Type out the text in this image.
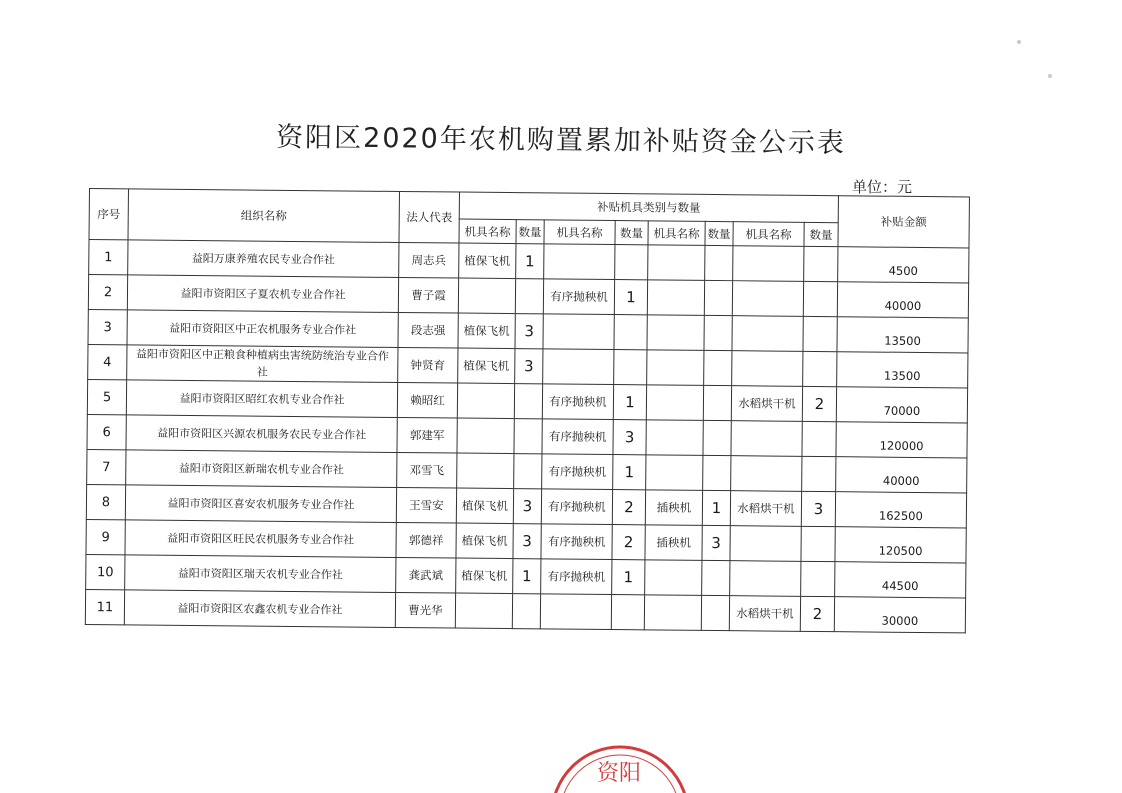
资阳区2020年农机购置累加补贴资金公示表
单位：元
序号	组织名称	法人代表	补贴机具类别与数量								补贴金额
			机具名称	数量	机具名称	数量	机具名称	数量	机具名称	数量	
1	益阳万康养殖农民专业合作社	周志兵	植保飞机	1							4500
2	益阳市资阳区子夏农机专业合作社	曹子霞			有序抛秧机	1					40000
3	益阳市资阳区中正农机服务专业合作社	段志强	植保飞机	3							13500
4	益阳市资阳区中正粮食种植病虫害统防统治专业合作社	钟贤育	植保飞机	3							13500
5	益阳市资阳区昭红农机专业合作社	赖昭红			有序抛秧机	1			水稻烘干机	2	70000
6	益阳市资阳区兴源农机服务农民专业合作社	郭建军			有序抛秧机	3					120000
7	益阳市资阳区新瑞农机专业合作社	邓雪飞			有序抛秧机	1					40000
8	益阳市资阳区喜安农机服务专业合作社	王雪安	植保飞机	3	有序抛秧机	2	插秧机	1	水稻烘干机	3	162500
9	益阳市资阳区旺民农机服务专业合作社	郭德祥	植保飞机	3	有序抛秧机	2	插秧机	3			120500
10	益阳市资阳区瑞天农机专业合作社	龚武斌	植保飞机	1	有序抛秧机	1					44500
11	益阳市资阳区农鑫农机专业合作社	曹光华							水稻烘干机	2	30000
资阳
